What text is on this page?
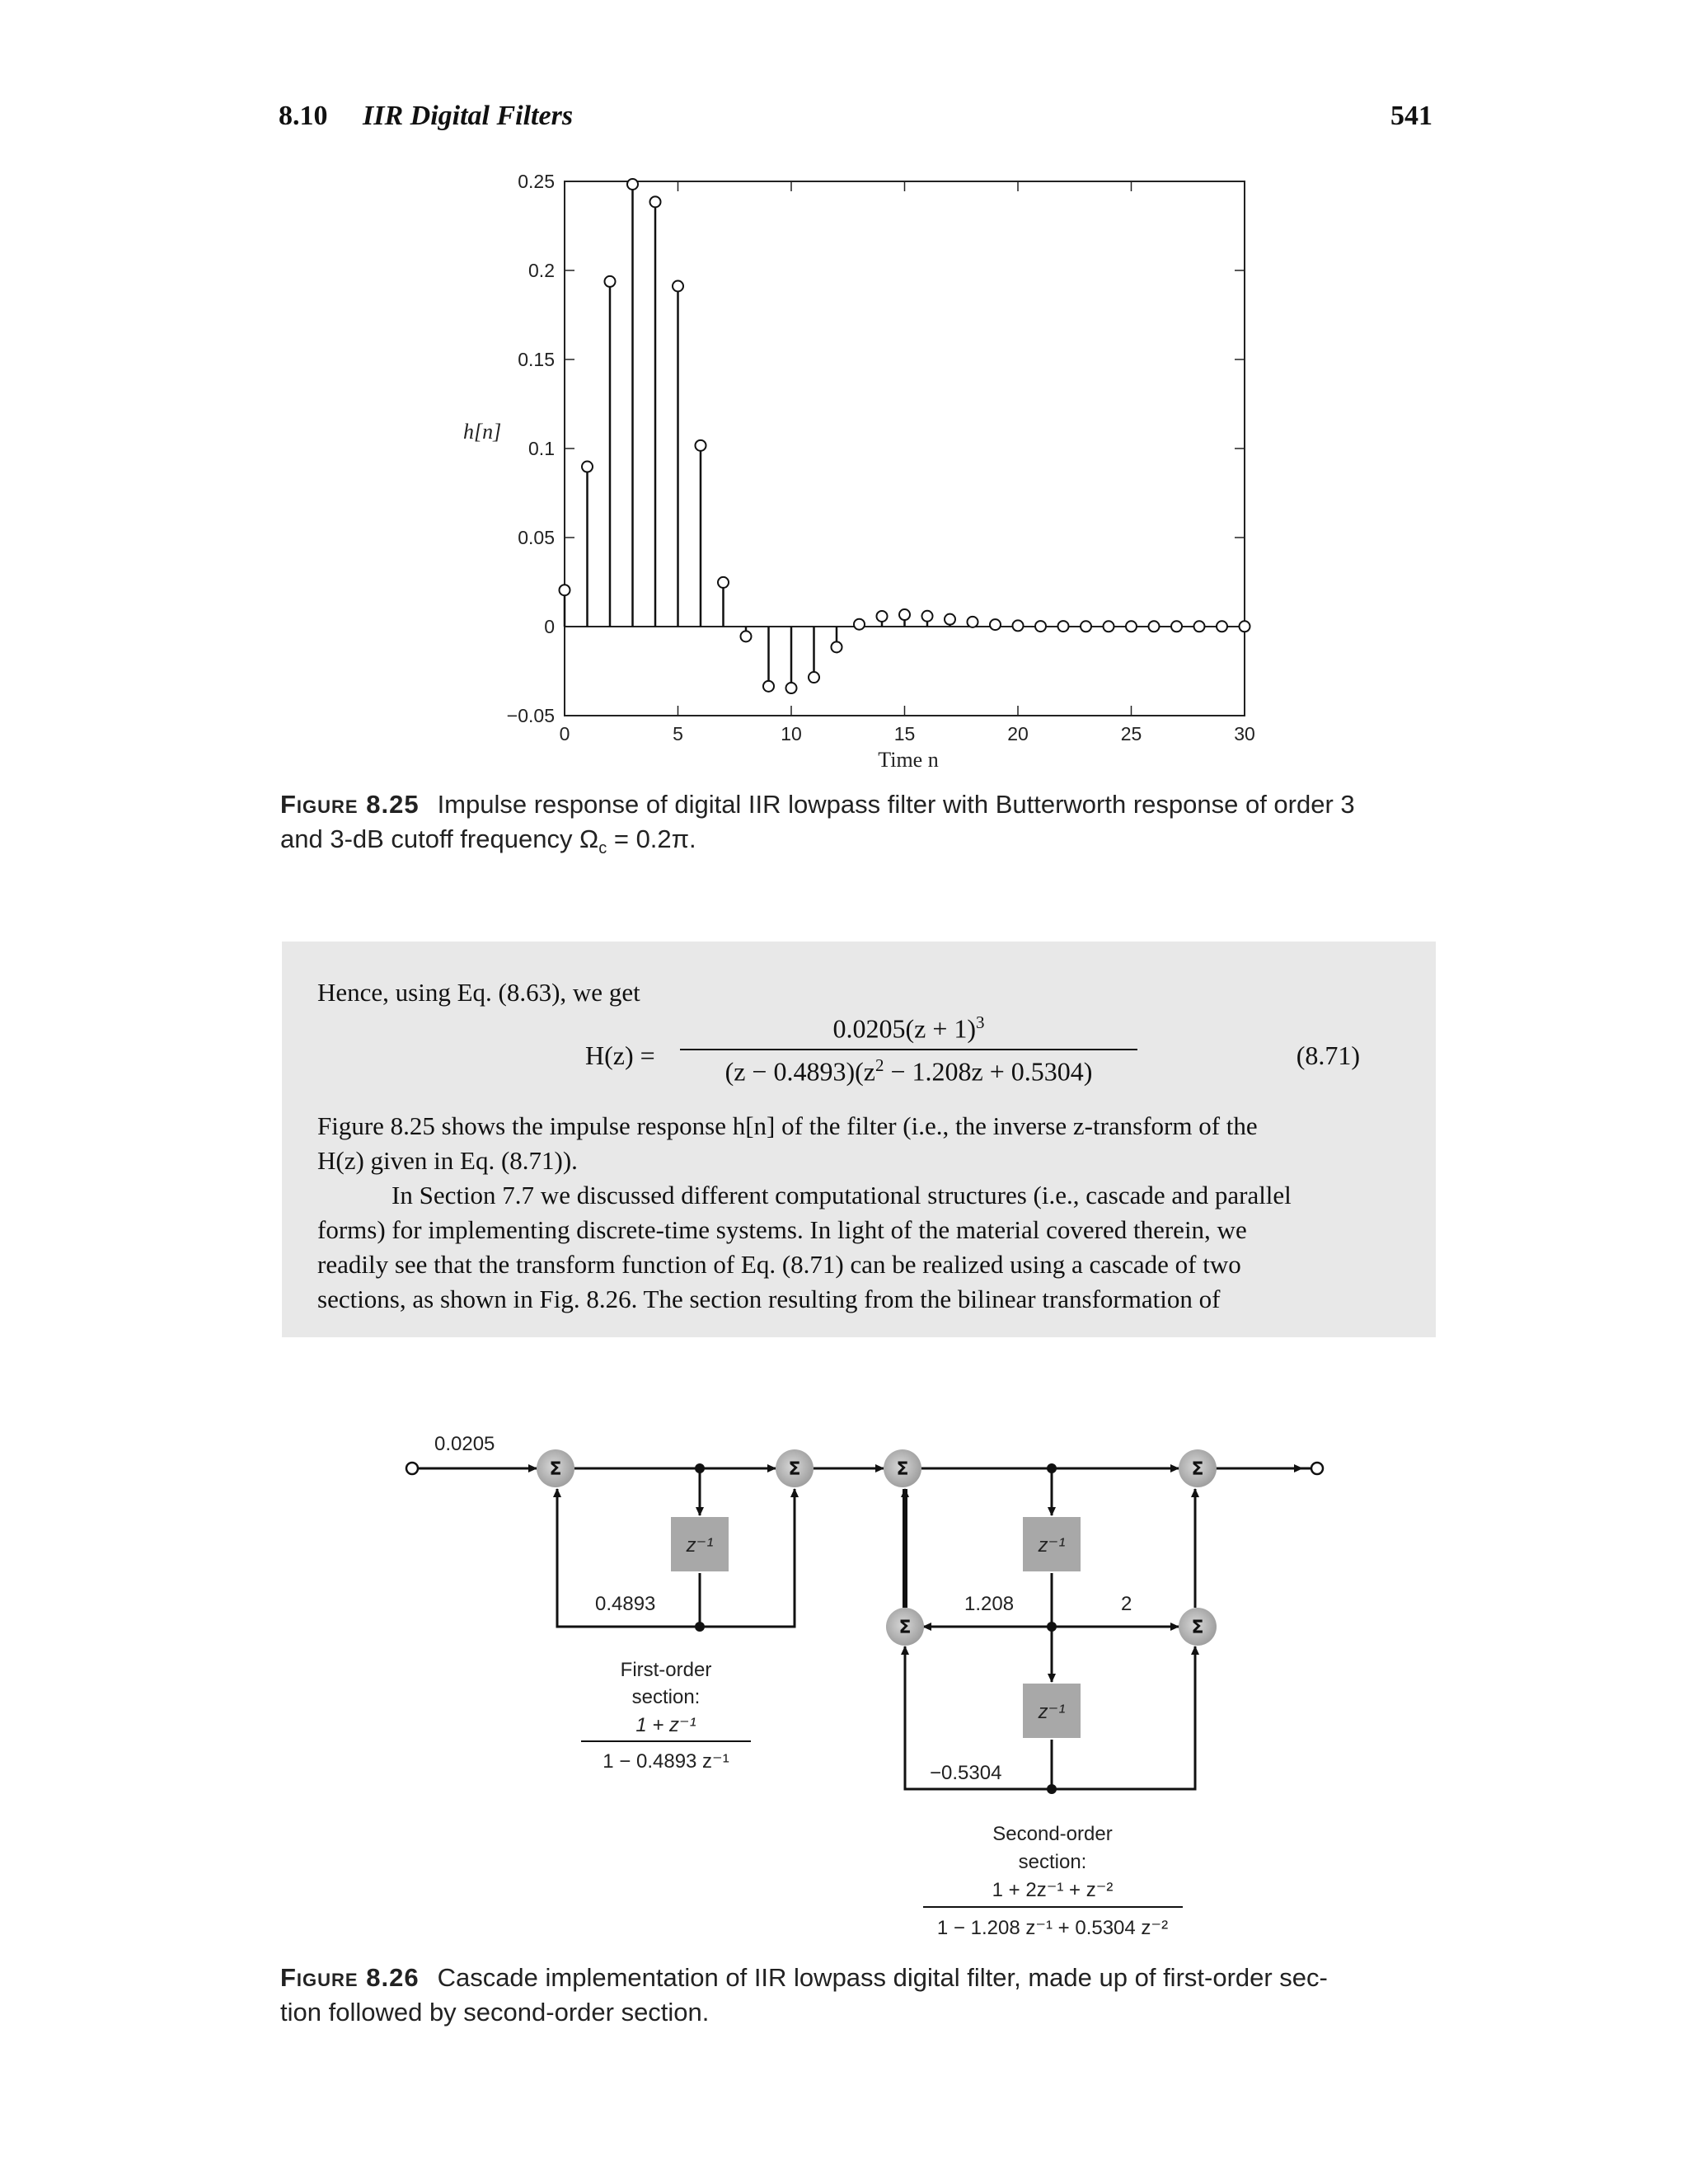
8.10 IIR Digital Filters	541
0.25
0.2
0.15
0.1
0.05
0
−0.05
0	5	10	15	20	25	30
h[n]
Time n
Figure 8.25 Impulse response of digital IIR lowpass filter with Butterworth response of order 3
and 3-dB cutoff frequency $\Omega_c = 0.2\pi$.
Hence, using Eq. (8.63), we get
H(z) =
$0.0205(z + 1)^3$
$(z - 0.4893)(z^2 - 1.208z + 0.5304)$
(8.71)
Figure 8.25 shows the impulse response h[n] of the filter (i.e., the inverse z-transform of the
H(z) given in Eq. (8.71)).
In Section 7.7 we discussed different computational structures (i.e., cascade and parallel
forms) for implementing discrete-time systems. In light of the material covered therein, we
readily see that the transform function of Eq. (8.71) can be realized using a cascade of two
sections, as shown in Fig. 8.26. The section resulting from the bilinear transformation of
Σ	Σ	Σ	Σ
Σ	Σ
z⁻¹	z⁻¹
z⁻¹
0.0205
0.4893	1.208	2
−0.5304
First-order
section:
1 + z⁻¹
1 − 0.4893 z⁻¹
Second-order
section:
1 + 2z⁻¹ + z⁻²
1 − 1.208 z⁻¹ + 0.5304 z⁻²
Figure 8.26 Cascade implementation of IIR lowpass digital filter, made up of first-order sec-
tion followed by second-order section.
